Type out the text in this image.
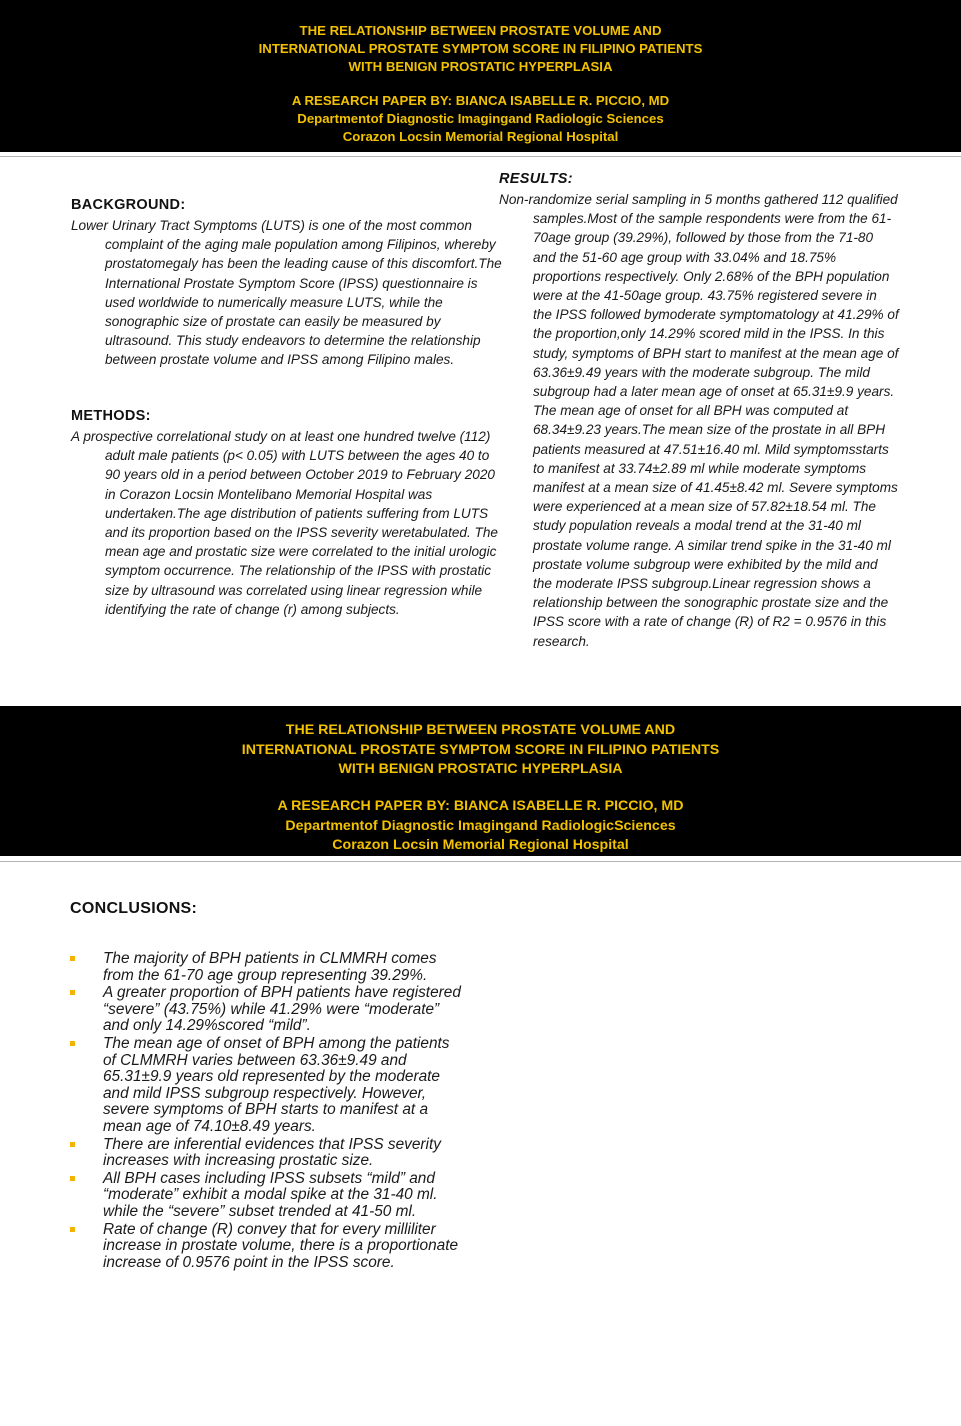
THE RELATIONSHIP BETWEEN PROSTATE VOLUME AND
INTERNATIONAL PROSTATE SYMPTOM SCORE IN FILIPINO PATIENTS
WITH BENIGN PROSTATIC HYPERPLASIA
A RESEARCH PAPER BY: BIANCA ISABELLE R. PICCIO, MD
Departmentof Diagnostic Imagingand Radiologic Sciences
Corazon Locsin Memorial Regional Hospital
BACKGROUND:

Lower Urinary Tract Symptoms (LUTS) is one of the most common complaint of the aging male population among Filipinos, whereby prostatomegaly has been the leading cause of this discomfort.The International Prostate Symptom Score (IPSS) questionnaire is used worldwide to numerically measure LUTS, while the sonographic size of prostate can easily be measured by ultrasound. This study endeavors to determine the relationship between prostate volume and IPSS among Filipino males.

METHODS:

A prospective correlational study on at least one hundred twelve (112) adult male patients (p< 0.05) with LUTS between the ages 40 to 90 years old in a period between October 2019 to February 2020 in Corazon Locsin Montelibano Memorial Hospital was undertaken.The age distribution of patients suffering from LUTS and its proportion based on the IPSS severity weretabulated. The mean age and prostatic size were correlated to the initial urologic symptom occurrence. The relationship of the IPSS with prostatic size by ultrasound was correlated using linear regression while identifying the rate of change (r) among subjects.

RESULTS:

Non-randomize serial sampling in 5 months gathered 112 qualified samples.Most of the sample respondents were from the 61-70age group (39.29%), followed by those from the 71-80 and the 51-60 age group with 33.04% and 18.75% proportions respectively. Only 2.68% of the BPH population were at the 41-50age group. 43.75% registered severe in the IPSS followed bymoderate symptomatology at 41.29% of the proportion,only 14.29% scored mild in the IPSS. In this study, symptoms of BPH start to manifest at the mean age of 63.36±9.49 years with the moderate subgroup. The mild subgroup had a later mean age of onset at 65.31±9.9 years. The mean age of onset for all BPH was computed at 68.34±9.23 years.The mean size of the prostate in all BPH patients measured at 47.51±16.40 ml. Mild symptomsstarts to manifest at 33.74±2.89 ml while moderate symptoms manifest at a mean size of 41.45±8.42 ml. Severe symptoms were experienced at a mean size of 57.82±18.54 ml. The study population reveals a modal trend at the 31-40 ml prostate volume range. A similar trend spike in the 31-40 ml prostate volume subgroup were exhibited by the mild and the moderate IPSS subgroup.Linear regression shows a relationship between the sonographic prostate size and the IPSS score with a rate of change (R) of R2 = 0.9576 in this research.

THE RELATIONSHIP BETWEEN PROSTATE VOLUME AND
INTERNATIONAL PROSTATE SYMPTOM SCORE IN FILIPINO PATIENTS
WITH BENIGN PROSTATIC HYPERPLASIA
A RESEARCH PAPER BY: BIANCA ISABELLE R. PICCIO, MD
Departmentof Diagnostic Imagingand RadiologicSciences
Corazon Locsin Memorial Regional Hospital
CONCLUSIONS:
The majority of BPH patients in CLMMRH comes from the 61-70 age group representing 39.29%.
A greater proportion of BPH patients have registered “severe” (43.75%) while 41.29% were “moderate” and only 14.29%scored “mild”.
The mean age of onset of BPH among the patients of CLMMRH varies between 63.36±9.49 and 65.31±9.9 years old represented by the moderate and mild IPSS subgroup respectively. However, severe symptoms of BPH starts to manifest at a mean age of 74.10±8.49 years.
There are inferential evidences that IPSS severity increases with increasing prostatic size.
All BPH cases including IPSS subsets “mild” and “moderate” exhibit a modal spike at the 31-40 ml. while the “severe” subset trended at 41-50 ml.
Rate of change (R) convey that for every milliliter increase in prostate volume, there is a proportionate increase of 0.9576 point in the IPSS score.
